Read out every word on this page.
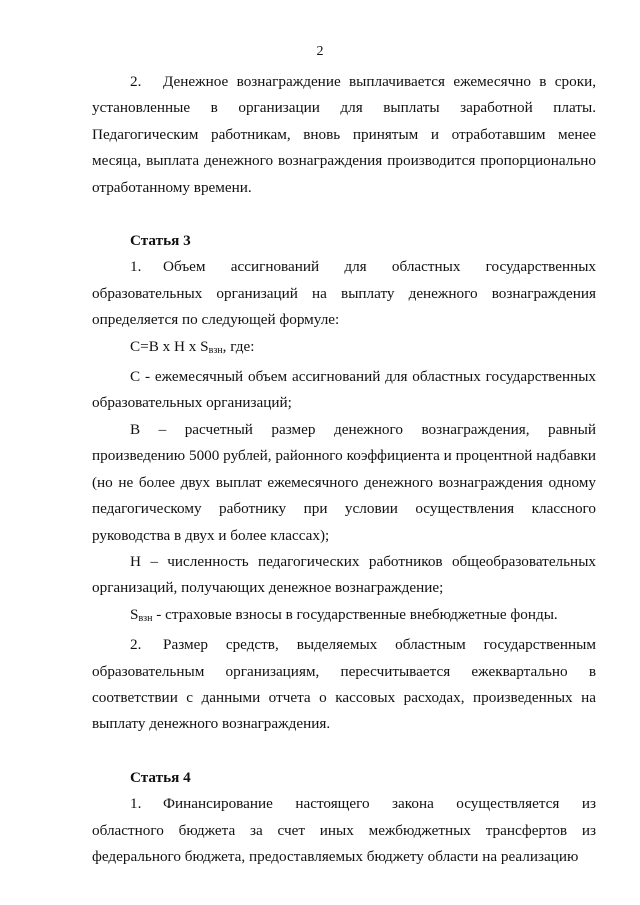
2

2. Денежное вознаграждение выплачивается ежемесячно в сроки, установленные в организации для выплаты заработной платы. Педагогическим работникам, вновь принятым и отработавшим менее месяца, выплата денежного вознаграждения производится пропорционально отработанному времени.

Статья 3

1. Объем ассигнований для областных государственных образовательных организаций на выплату денежного вознаграждения определяется по следующей формуле:

C=B x H x $S_{взн}$, где:

C - ежемесячный объем ассигнований для областных государственных образовательных организаций;

B – расчетный размер денежного вознаграждения, равный произведению 5000 рублей, районного коэффициента и процентной надбавки (но не более двух выплат ежемесячного денежного вознаграждения одному педагогическому работнику при условии осуществления классного руководства в двух и более классах);

H – численность педагогических работников общеобразовательных организаций, получающих денежное вознаграждение;

$S_{взн}$ - страховые взносы в государственные внебюджетные фонды.

2. Размер средств, выделяемых областным государственным образовательным организациям, пересчитывается ежеквартально в соответствии с данными отчета о кассовых расходах, произведенных на выплату денежного вознаграждения.

Статья 4

1. Финансирование настоящего закона осуществляется из областного бюджета за счет иных межбюджетных трансфертов из федерального бюджета, предоставляемых бюджету области на реализацию
